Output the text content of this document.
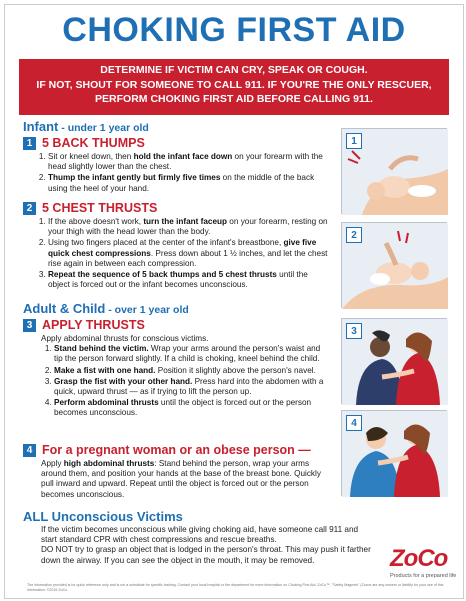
CHOKING FIRST AID
DETERMINE IF VICTIM CAN CRY, SPEAK OR COUGH.
IF NOT, SHOUT FOR SOMEONE TO CALL 911. IF YOU'RE THE ONLY RESCUER,
PERFORM CHOKING FIRST AID BEFORE CALLING 911.
Infant - under 1 year old
1 5 BACK THUMPS
1. Sit or kneel down, then hold the infant face down on your forearm with the head slightly lower than the chest.
2. Thump the infant gently but firmly five times on the middle of the back using the heel of your hand.
2 5 CHEST THRUSTS
1. If the above doesn't work, turn the infant faceup on your forearm, resting on your thigh with the head lower than the body.
2. Using two fingers placed at the center of the infant's breastbone, give five quick chest compressions. Press down about 1 ½ inches, and let the chest rise again in between each compression.
3. Repeat the sequence of 5 back thumps and 5 chest thrusts until the object is forced out or the infant becomes unconscious.
Adult & Child - over 1 year old
3 APPLY THRUSTS
Apply abdominal thrusts for conscious victims.
1. Stand behind the victim. Wrap your arms around the person's waist and tip the person forward slightly. If a child is choking, kneel behind the child.
2. Make a fist with one hand. Position it slightly above the person's navel.
3. Grasp the fist with your other hand. Press hard into the abdomen with a quick, upward thrust — as if trying to lift the person up.
4. Perform abdominal thrusts until the object is forced out or the person becomes unconscious.
4 For a pregnant woman or an obese person —
Apply high abdominal thrusts: Stand behind the person, wrap your arms around them, and position your hands at the base of the breast bone. Quickly pull inward and upward. Repeat until the object is forced out or the person becomes unconscious.
ALL Unconscious Victims
If the victim becomes unconscious while giving choking aid, have someone call 911 and start standard CPR with chest compressions and rescue breaths.
DO NOT try to grasp an object that is lodged in the person's throat. This may push it farther down the airway. If you can see the object in the mouth, it may be removed.
1
2
3
4
ZoCo
Products for a prepared life
The information provided is for quick reference only and is not a substitute for specific training. Contact your local hospital or fire department for more information on Choking First Aid. ZoCo™, "Safety Magnets" (Zocos are any owners or liability for your use of this information. ©2015 ZoCo
